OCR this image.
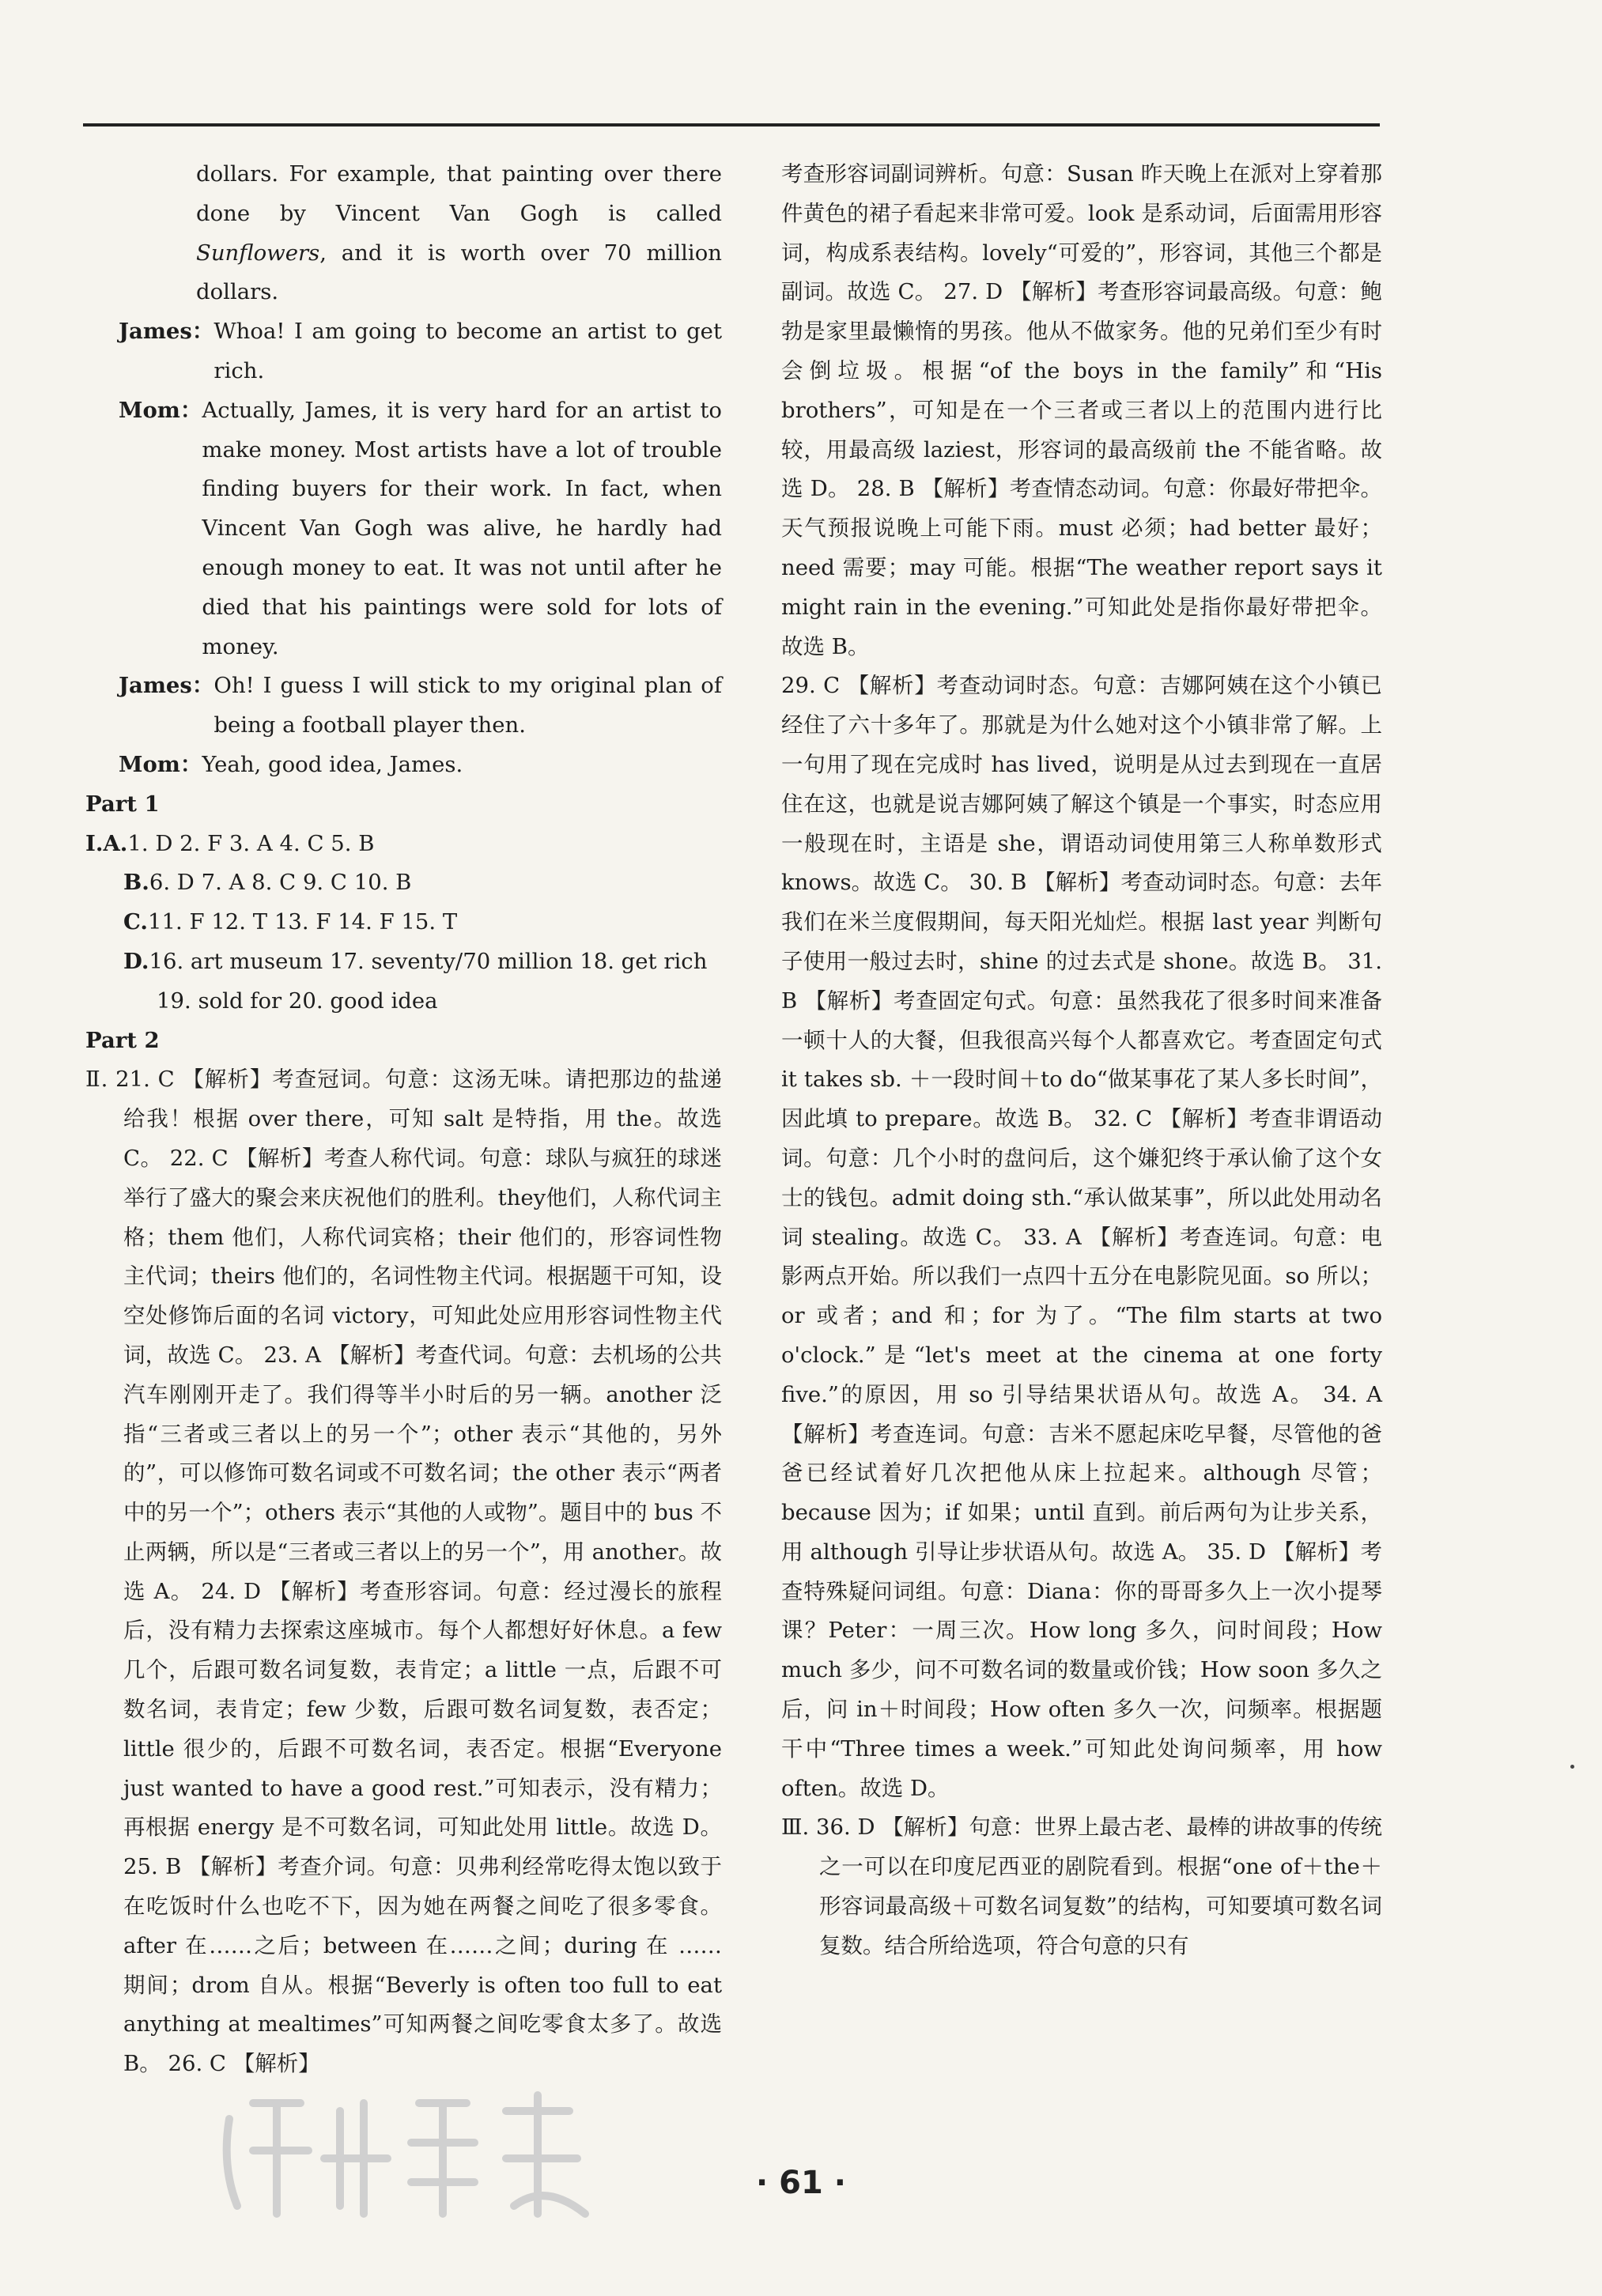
dollars. For example, that painting over there done by Vincent Van Gogh is called Sunflowers, and it is worth over 70 million dollars.

James： Whoa! I am going to become an artist to get rich.
Mom： Actually, James, it is very hard for an artist to make money. Most artists have a lot of trouble finding buyers for their work. In fact, when Vincent Van Gogh was alive, he hardly had enough money to eat. It was not until after he died that his paintings were sold for lots of money.
James： Oh! I guess I will stick to my original plan of being a football player then.
Mom： Yeah, good idea, James.

Part 1

Ⅰ.A.1. D 2. F 3. A 4. C 5. B

B.6. D 7. A 8. C 9. C 10. B

C.11. F 12. T 13. F 14. F 15. T

D.16. art museum 17. seventy/70 million 18. get rich

19. sold for 20. good idea

Part 2

Ⅱ. 21. C 【解析】考查冠词。句意：这汤无味。请把那边的盐递给我！根据 over there，可知 salt 是特指，用 the。故选C。 22. C 【解析】考查人称代词。句意：球队与疯狂的球迷举行了盛大的聚会来庆祝他们的胜利。they他们，人称代词主格；them 他们，人称代词宾格；their 他们的，形容词性物主代词；theirs 他们的，名词性物主代词。根据题干可知，设空处修饰后面的名词 victory，可知此处应用形容词性物主代词，故选 C。 23. A 【解析】考查代词。句意：去机场的公共汽车刚刚开走了。我们得等半小时后的另一辆。another 泛指“三者或三者以上的另一个”；other 表示“其他的，另外的”，可以修饰可数名词或不可数名词；the other 表示“两者中的另一个”；others 表示“其他的人或物”。题目中的 bus 不止两辆，所以是“三者或三者以上的另一个”，用 another。故选 A。 24. D 【解析】考查形容词。句意：经过漫长的旅程后，没有精力去探索这座城市。每个人都想好好休息。a few 几个，后跟可数名词复数，表肯定；a little 一点，后跟不可数名词，表肯定；few 少数，后跟可数名词复数，表否定；little 很少的，后跟不可数名词，表否定。根据“Everyone just wanted to have a good rest.”可知表示，没有精力；再根据 energy 是不可数名词，可知此处用 little。故选 D。 25. B 【解析】考查介词。句意：贝弗利经常吃得太饱以致于在吃饭时什么也吃不下，因为她在两餐之间吃了很多零食。after 在……之后；between 在……之间；during 在 …… 期间；drom 自从。根据“Beverly is often too full to eat anything at mealtimes”可知两餐之间吃零食太多了。故选 B。 26. C 【解析】

考查形容词副词辨析。句意：Susan 昨天晚上在派对上穿着那件黄色的裙子看起来非常可爱。look 是系动词，后面需用形容词，构成系表结构。lovely“可爱的”，形容词，其他三个都是副词。故选 C。 27. D 【解析】考查形容词最高级。句意：鲍勃是家里最懒惰的男孩。他从不做家务。他的兄弟们至少有时会倒垃圾。根据“of the boys in the family”和“His brothers”，可知是在一个三者或三者以上的范围内进行比较，用最高级 laziest，形容词的最高级前 the 不能省略。故选 D。 28. B 【解析】考查情态动词。句意：你最好带把伞。天气预报说晚上可能下雨。must 必须；had better 最好；need 需要；may 可能。根据“The weather report says it might rain in the evening.”可知此处是指你最好带把伞。故选 B。

29. C 【解析】考查动词时态。句意：吉娜阿姨在这个小镇已经住了六十多年了。那就是为什么她对这个小镇非常了解。上一句用了现在完成时 has lived，说明是从过去到现在一直居住在这，也就是说吉娜阿姨了解这个镇是一个事实，时态应用一般现在时，主语是 she，谓语动词使用第三人称单数形式 knows。故选 C。 30. B 【解析】考查动词时态。句意：去年我们在米兰度假期间，每天阳光灿烂。根据 last year 判断句子使用一般过去时，shine 的过去式是 shone。故选 B。 31. B 【解析】考查固定句式。句意：虽然我花了很多时间来准备一顿十人的大餐，但我很高兴每个人都喜欢它。考查固定句式 it takes sb. ＋一段时间＋to do“做某事花了某人多长时间”，因此填 to prepare。故选 B。 32. C 【解析】考查非谓语动词。句意：几个小时的盘问后，这个嫌犯终于承认偷了这个女士的钱包。admit doing sth.“承认做某事”，所以此处用动名词 stealing。故选 C。 33. A 【解析】考查连词。句意：电影两点开始。所以我们一点四十五分在电影院见面。so 所以；or 或者；and 和；for 为了。“The film starts at two o'clock.”是“let's meet at the cinema at one forty five.”的原因，用 so 引导结果状语从句。故选 A。 34. A 【解析】考查连词。句意：吉米不愿起床吃早餐，尽管他的爸爸已经试着好几次把他从床上拉起来。although 尽管；because 因为；if 如果；until 直到。前后两句为让步关系，用 although 引导让步状语从句。故选 A。 35. D 【解析】考查特殊疑问词组。句意：Diana：你的哥哥多久上一次小提琴课？Peter：一周三次。How long 多久，问时间段；How much 多少，问不可数名词的数量或价钱；How soon 多久之后，问 in＋时间段；How often 多久一次，问频率。根据题干中“Three times a week.”可知此处询问频率，用 how often。故选 D。

Ⅲ. 36. D 【解析】句意：世界上最古老、最棒的讲故事的传统之一可以在印度尼西亚的剧院看到。根据“one of＋the＋形容词最高级＋可数名词复数”的结构，可知要填可数名词复数。结合所给选项，符合句意的只有

· 61 ·
